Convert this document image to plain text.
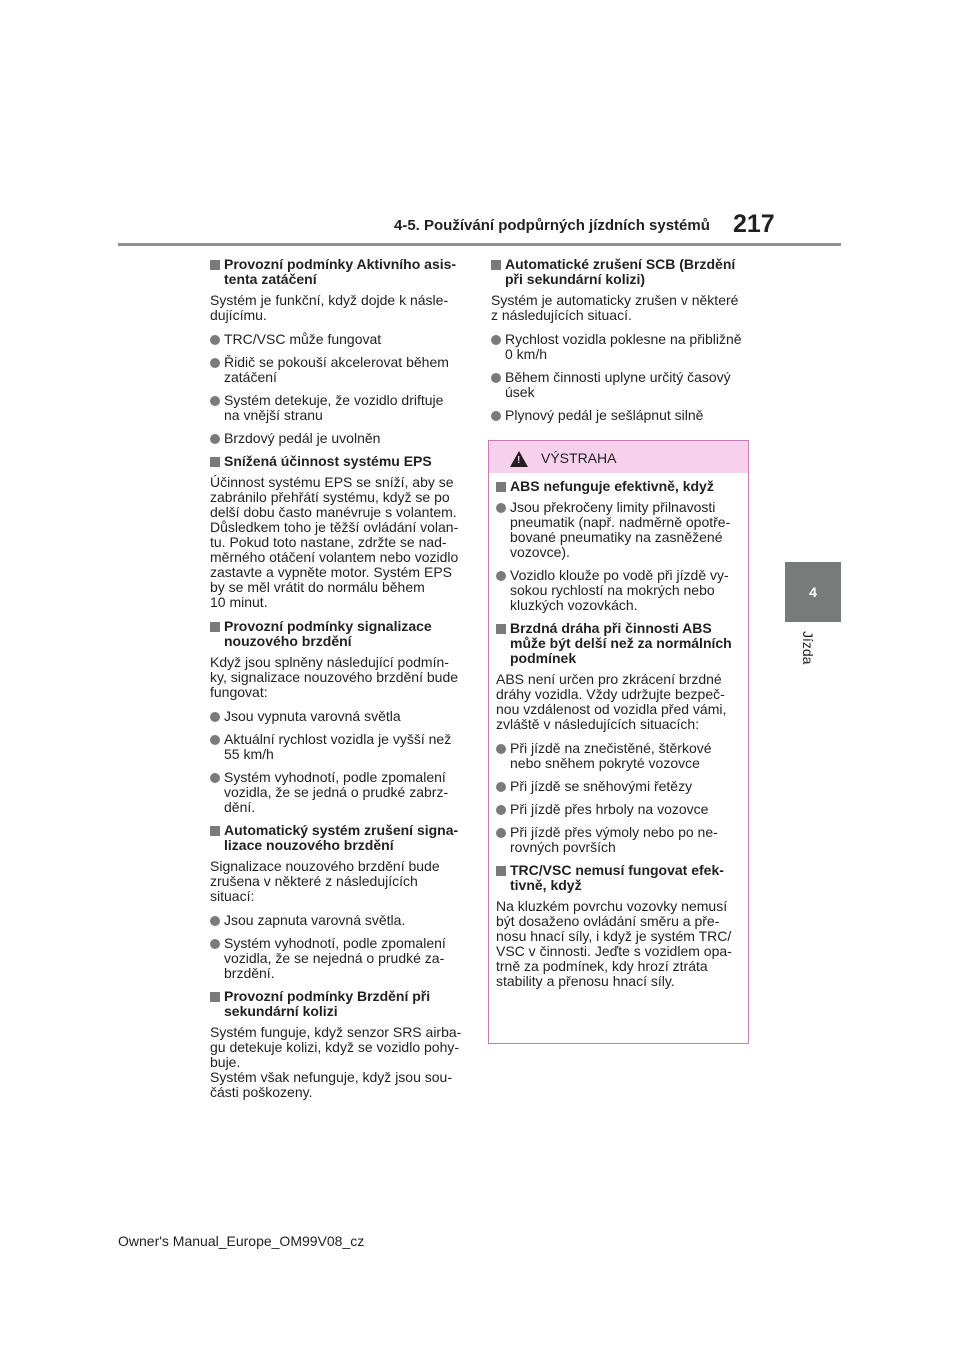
4-5. Používání podpůrných jízdních systémů 217
4
Jízda
Provozní podmínky Aktivního asis-
tenta zatáčení
Systém je funkční, když dojde k násle-
dujícímu.
TRC/VSC může fungovat
Řidič se pokouší akcelerovat během
zatáčení
Systém detekuje, že vozidlo driftuje
na vnější stranu
Brzdový pedál je uvolněn
Snížená účinnost systému EPS
Účinnost systému EPS se sníží, aby se
zabránilo přehřátí systému, když se po
delší dobu často manévruje s volantem.
Důsledkem toho je těžší ovládání volan-
tu. Pokud toto nastane, zdržte se nad-
měrného otáčení volantem nebo vozidlo
zastavte a vypněte motor. Systém EPS
by se měl vrátit do normálu během
10 minut.
Provozní podmínky signalizace
nouzového brzdění
Když jsou splněny následující podmín-
ky, signalizace nouzového brzdění bude
fungovat:
Jsou vypnuta varovná světla
Aktuální rychlost vozidla je vyšší než
55 km/h
Systém vyhodnotí, podle zpomalení
vozidla, že se jedná o prudké zabrz-
dění.
Automatický systém zrušení signa-
lizace nouzového brzdění
Signalizace nouzového brzdění bude
zrušena v některé z následujících
situací:
Jsou zapnuta varovná světla.
Systém vyhodnotí, podle zpomalení
vozidla, že se nejedná o prudké za-
brzdění.
Provozní podmínky Brzdění při
sekundární kolizi
Systém funguje, když senzor SRS airba-
gu detekuje kolizi, když se vozidlo pohy-
buje.
Systém však nefunguje, když jsou sou-
části poškozeny.
Automatické zrušení SCB (Brzdění
při sekundární kolizi)
Systém je automaticky zrušen v některé
z následujících situací.
Rychlost vozidla poklesne na přibližně
0 km/h
Během činnosti uplyne určitý časový
úsek
Plynový pedál je sešlápnut silně
! VÝSTRAHA
ABS nefunguje efektivně, když
Jsou překročeny limity přilnavosti
pneumatik (např. nadměrně opotře-
bované pneumatiky na zasněžené
vozovce).
Vozidlo klouže po vodě při jízdě vy-
sokou rychlostí na mokrých nebo
kluzkých vozovkách.
Brzdná dráha při činnosti ABS
může být delší než za normálních
podmínek
ABS není určen pro zkrácení brzdné
dráhy vozidla. Vždy udržujte bezpeč-
nou vzdálenost od vozidla před vámi,
zvláště v následujících situacích:
Při jízdě na znečistěné, štěrkové
nebo sněhem pokryté vozovce
Při jízdě se sněhovými řetězy
Při jízdě přes hrboly na vozovce
Při jízdě přes výmoly nebo po ne-
rovných površích
TRC/VSC nemusí fungovat efek-
tivně, když
Na kluzkém povrchu vozovky nemusí
být dosaženo ovládání směru a pře-
nosu hnací síly, i když je systém TRC/
VSC v činnosti. Jeďte s vozidlem opa-
trně za podmínek, kdy hrozí ztráta
stability a přenosu hnací síly.
Owner's Manual_Europe_OM99V08_cz
